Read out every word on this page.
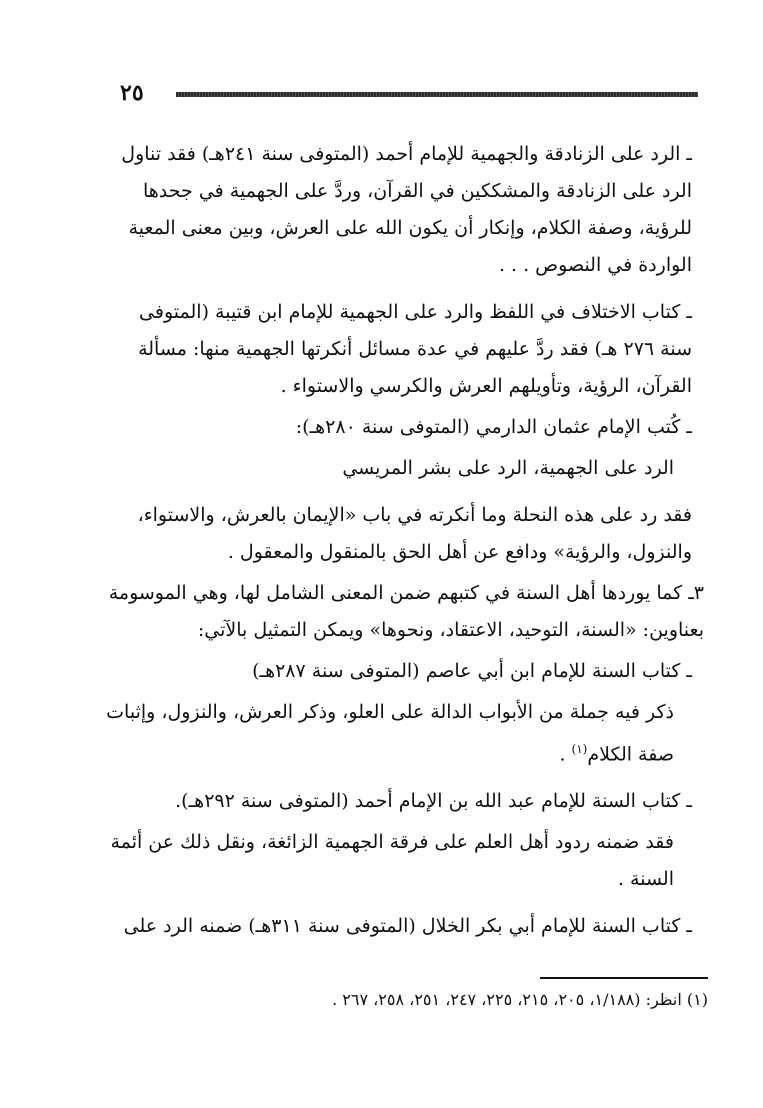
٢٥

ـ الرد على الزنادقة والجهمية للإمام أحمد (المتوفى سنة ٢٤١هـ) فقد تناول الرد على الزنادقة والمشككين في القرآن، وردَّ على الجهمية في جحدها للرؤية، وصفة الكلام، وإنكار أن يكون الله على العرش، وبين معنى المعية الواردة في النصوص . . .

ـ كتاب الاختلاف في اللفظ والرد على الجهمية للإمام ابن قتيبة (المتوفى سنة ٢٧٦ هـ) فقد ردَّ عليهم في عدة مسائل أنكرتها الجهمية منها: مسألة القرآن، الرؤية، وتأويلهم العرش والكرسي والاستواء .

ـ كُتب الإمام عثمان الدارمي (المتوفى سنة ٢٨٠هـ):

الرد على الجهمية، الرد على بشر المريسي

فقد رد على هذه النحلة وما أنكرته في باب «الإيمان بالعرش، والاستواء، والنزول، والرؤية» ودافع عن أهل الحق بالمنقول والمعقول .

٣ـ كما يوردها أهل السنة في كتبهم ضمن المعنى الشامل لها، وهي الموسومة بعناوين: «السنة، التوحيد، الاعتقاد، ونحوها» ويمكن التمثيل بالآتي:

ـ كتاب السنة للإمام ابن أبي عاصم (المتوفى سنة ٢٨٧هـ)

ذكر فيه جملة من الأبواب الدالة على العلو، وذكر العرش، والنزول، وإثبات صفة الكلام$^{(١)}$ .

ـ كتاب السنة للإمام عبد الله بن الإمام أحمد (المتوفى سنة ٢٩٢هـ).

فقد ضمنه ردود أهل العلم على فرقة الجهمية الزائغة، ونقل ذلك عن أئمة السنة .

ـ كتاب السنة للإمام أبي بكر الخلال (المتوفى سنة ٣١١هـ) ضمنه الرد على

(١) انظر: (١/١٨٨، ٢٠٥، ٢١٥، ٢٢٥، ٢٤٧، ٢٥١، ٢٥٨، ٢٦٧ .
